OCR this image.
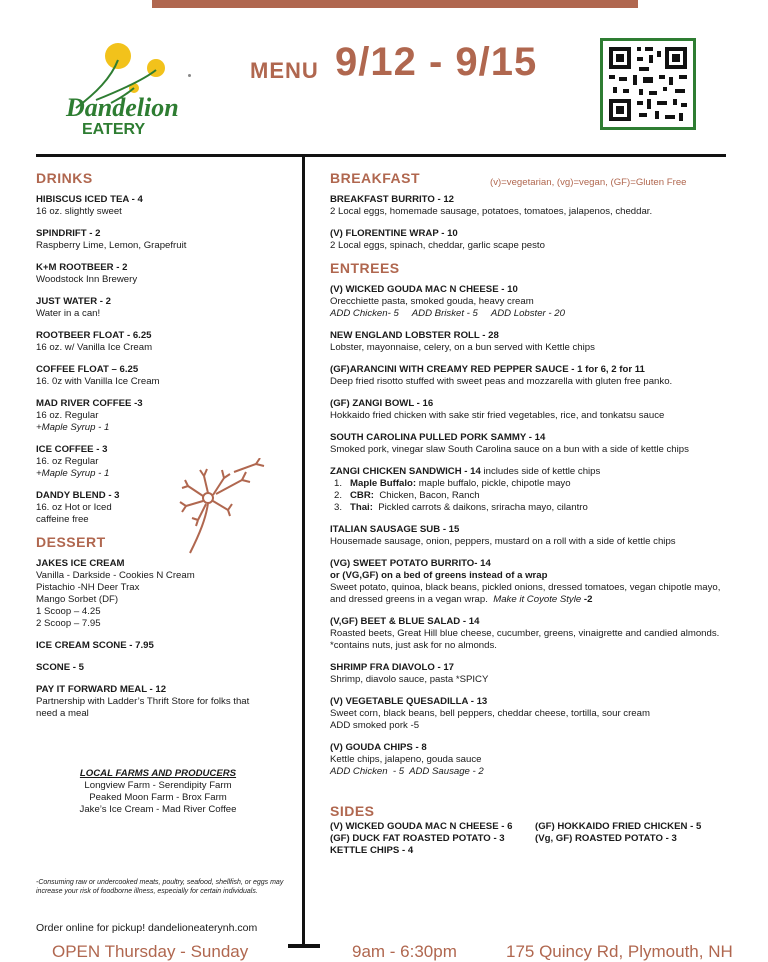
Dandelion
EATERY
MENU 9/12 - 9/15
DRINKS
HIBISCUS ICED TEA - 4
16 oz. slightly sweet
SPINDRIFT - 2
Raspberry Lime, Lemon, Grapefruit
K+M ROOTBEER - 2
Woodstock Inn Brewery
JUST WATER - 2
Water in a can!
ROOTBEER FLOAT - 6.25
16 oz. w/ Vanilla Ice Cream
COFFEE FLOAT – 6.25
16. 0z with Vanilla Ice Cream
MAD RIVER COFFEE -3
16 oz. Regular
+Maple Syrup - 1
ICE COFFEE - 3
16. oz Regular
+Maple Syrup - 1
DANDY BLEND - 3
16. oz Hot or Iced
caffeine free
DESSERT
JAKES ICE CREAM
Vanilla - Darkside - Cookies N Cream
Pistachio -NH Deer Trax
Mango Sorbet (DF)
1 Scoop – 4.25
2 Scoop – 7.95
ICE CREAM SCONE - 7.95
SCONE - 5
PAY IT FORWARD MEAL - 12
Partnership with Ladder’s Thrift Store for folks that
need a meal
LOCAL FARMS AND PRODUCERS
Longview Farm - Serendipity Farm
Peaked Moon Farm - Brox Farm
Jake’s Ice Cream - Mad River Coffee
-Consuming raw or undercooked meats, poultry, seafood, shellfish, or eggs may increase your risk of foodborne illness, especially for certain individuals.
Order online for pickup! dandelioneaterynh.com
OPEN Thursday - Sunday	9am - 6:30pm	175 Quincy Rd, Plymouth, NH
(v)=vegetarian, (vg)=vegan, (GF)=Gluten Free
BREAKFAST
BREAKFAST BURRITO - 12
2 Local eggs, homemade sausage, potatoes, tomatoes, jalapenos, cheddar.
(V) FLORENTINE WRAP - 10
2 Local eggs, spinach, cheddar, garlic scape pesto
ENTREES
(V) WICKED GOUDA MAC N CHEESE - 10
Orecchiette pasta, smoked gouda, heavy cream
ADD Chicken- 5     ADD Brisket - 5     ADD Lobster - 20
NEW ENGLAND LOBSTER ROLL - 28
Lobster, mayonnaise, celery, on a bun served with Kettle chips
(GF)ARANCINI WITH CREAMY RED PEPPER SAUCE - 1 for 6, 2 for 11
Deep fried risotto stuffed with sweet peas and mozzarella with gluten free panko.
(GF) ZANGI BOWL - 16
Hokkaido fried chicken with sake stir fried vegetables, rice, and tonkatsu sauce
SOUTH CAROLINA PULLED PORK SAMMY - 14
Smoked pork, vinegar slaw South Carolina sauce on a bun with a side of kettle chips
ZANGI CHICKEN SANDWICH - 14 includes side of kettle chips
1. Maple Buffalo: maple buffalo, pickle, chipotle mayo
2. CBR:  Chicken, Bacon, Ranch
3. Thai:  Pickled carrots & daikons, sriracha mayo, cilantro
ITALIAN SAUSAGE SUB - 15
Housemade sausage, onion, peppers, mustard on a roll with a side of kettle chips
(VG) SWEET POTATO BURRITO- 14
or (VG,GF) on a bed of greens instead of a wrap
Sweet potato, quinoa, black beans, pickled onions, dressed tomatoes, vegan chipotle mayo, and dressed greens in a vegan wrap. Make it Coyote Style -2
(V,GF) BEET & BLUE SALAD - 14
Roasted beets, Great Hill blue cheese, cucumber, greens, vinaigrette and candied almonds. *contains nuts, just ask for no almonds.
SHRIMP FRA DIAVOLO - 17
Shrimp, diavolo sauce, pasta *SPICY
(V) VEGETABLE QUESADILLA - 13
Sweet corn, black beans, bell peppers, cheddar cheese, tortilla, sour cream
ADD smoked pork -5
(V) GOUDA CHIPS - 8
Kettle chips, jalapeno, gouda sauce
ADD Chicken  - 5  ADD Sausage - 2
SIDES
(V) WICKED GOUDA MAC N CHEESE - 6	(GF) HOKKAIDO FRIED CHICKEN - 5
(GF) DUCK FAT ROASTED POTATO - 3	(Vg, GF) ROASTED POTATO - 3
KETTLE CHIPS - 4
